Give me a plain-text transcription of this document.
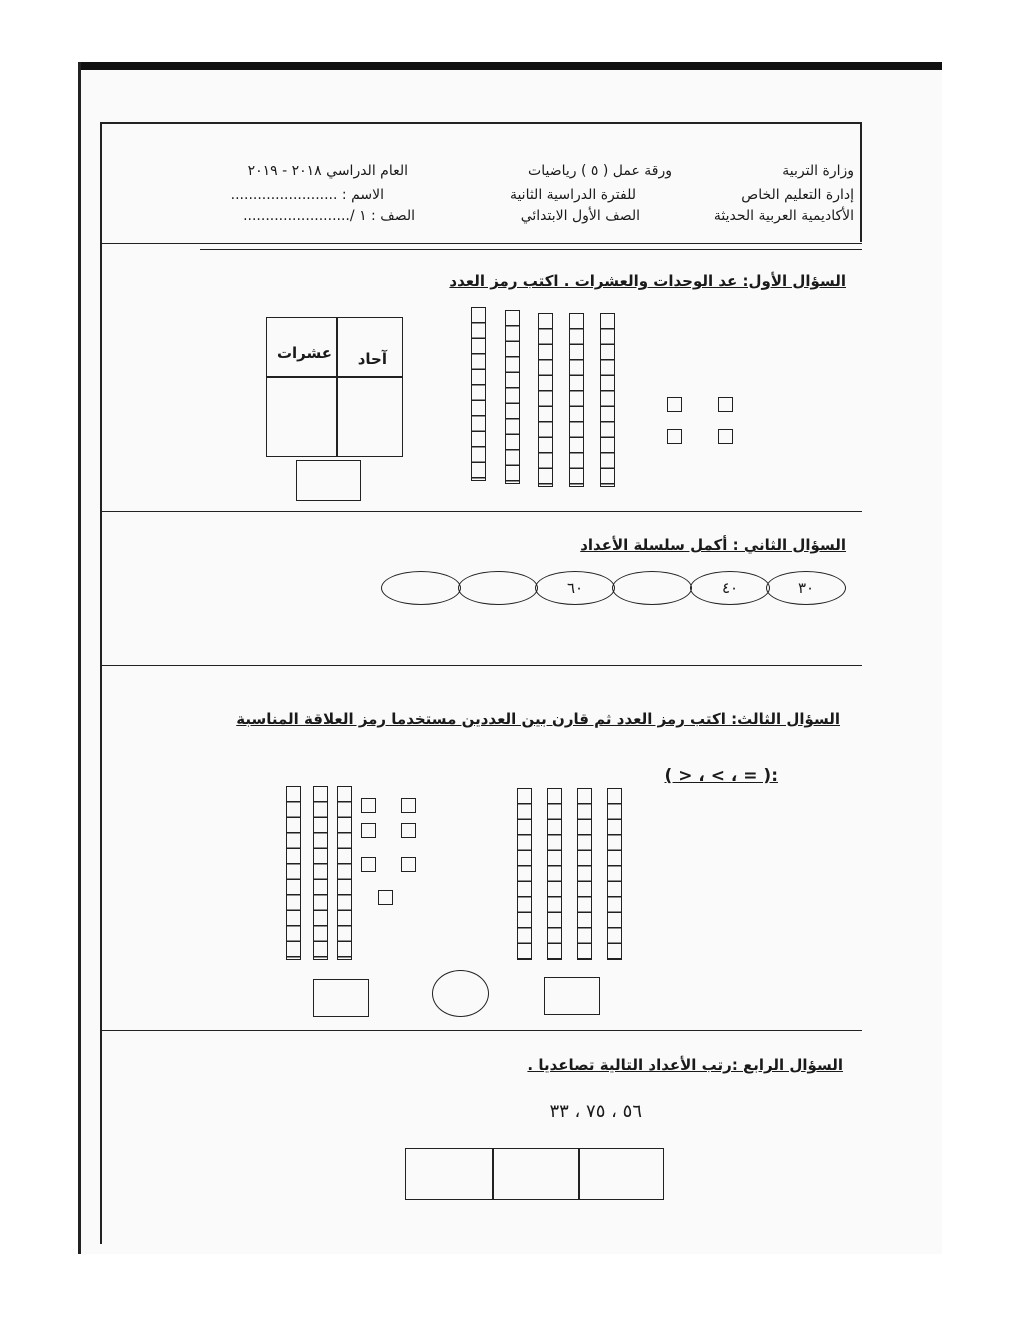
وزارة التربية
إدارة التعليم الخاص
الأكاديمية العربية الحديثة
ورقة عمل ( ٥ ) رياضيات
للفترة الدراسية الثانية
الصف الأول الابتدائي
العام الدراسي ٢٠١٨ - ٢٠١٩
الاسم : ........................
الصف : ١ /........................
السؤال الأول: عد الوحدات والعشرات . اكتب رمز العدد
آحاد
عشرات
السؤال الثاني : أكمل سلسلة الأعداد
٣٠
٤٠
٦٠
السؤال الثالث: اكتب رمز العدد ثم قارن بين العددين مستخدما رمز العلاقة المناسبة
:( = ، > ، < )
السؤال الرابع :رتب الأعداد التالية تصاعديا .
٥٦ ، ٧٥ ، ٣٣
